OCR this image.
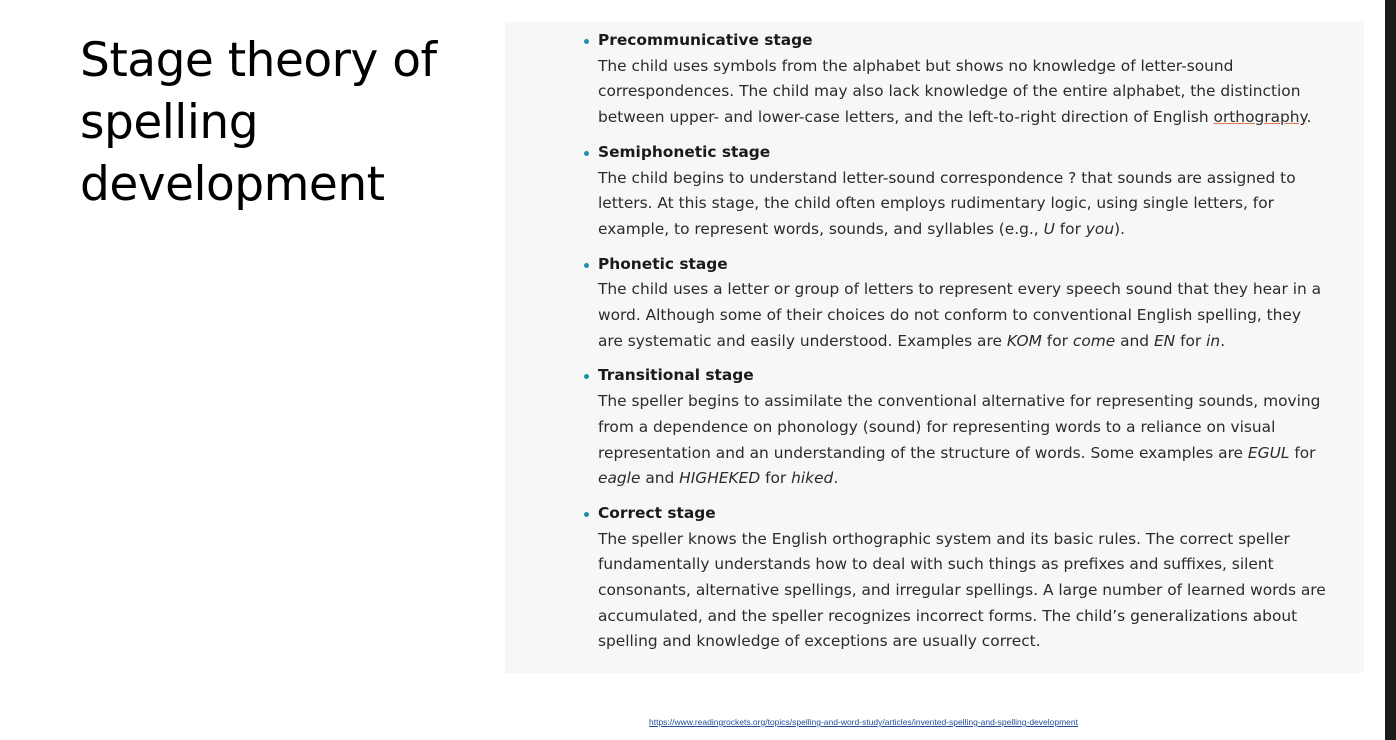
Stage theory of
spelling
development
Precommunicative stage
The child uses symbols from the alphabet but shows no knowledge of letter-sound correspondences. The child may also lack knowledge of the entire alphabet, the distinction between upper- and lower-case letters, and the left-to-right direction of English orthography.
Semiphonetic stage
The child begins to understand letter-sound correspondence ? that sounds are assigned to letters. At this stage, the child often employs rudimentary logic, using single letters, for example, to represent words, sounds, and syllables (e.g., U for you).
Phonetic stage
The child uses a letter or group of letters to represent every speech sound that they hear in a word. Although some of their choices do not conform to conventional English spelling, they are systematic and easily understood. Examples are KOM for come and EN for in.
Transitional stage
The speller begins to assimilate the conventional alternative for representing sounds, moving from a dependence on phonology (sound) for representing words to a reliance on visual representation and an understanding of the structure of words. Some examples are EGUL for eagle and HIGHEKED for hiked.
Correct stage
The speller knows the English orthographic system and its basic rules. The correct speller fundamentally understands how to deal with such things as prefixes and suffixes, silent consonants, alternative spellings, and irregular spellings. A large number of learned words are accumulated, and the speller recognizes incorrect forms. The child’s generalizations about spelling and knowledge of exceptions are usually correct.
https://www.readingrockets.org/topics/spelling-and-word-study/articles/invented-spelling-and-spelling-development
